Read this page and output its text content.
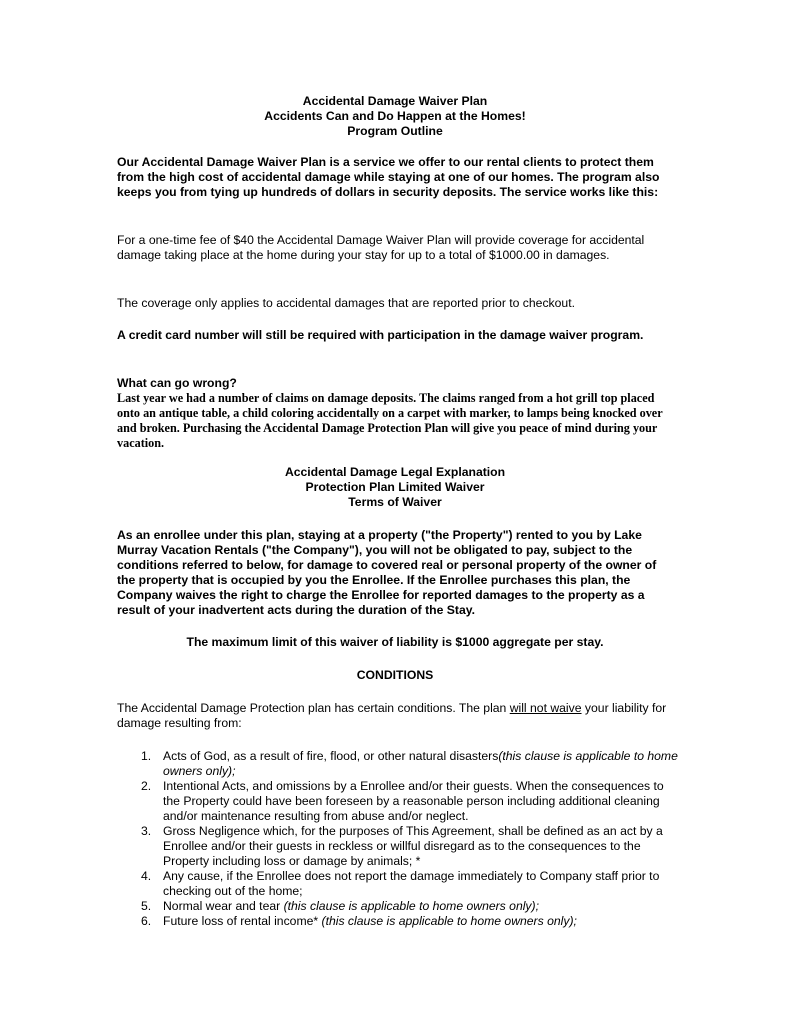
Accidental Damage Waiver Plan
Accidents Can and Do Happen at the Homes!
Program Outline

Our Accidental Damage Waiver Plan is a service we offer to our rental clients to protect them from the high cost of accidental damage while staying at one of our homes. The program also keeps you from tying up hundreds of dollars in security deposits. The service works like this:

For a one-time fee of $40 the Accidental Damage Waiver Plan will provide coverage for accidental damage taking place at the home during your stay for up to a total of $1000.00 in damages.

The coverage only applies to accidental damages that are reported prior to checkout.

A credit card number will still be required with participation in the damage waiver program.

What can go wrong?
Last year we had a number of claims on damage deposits. The claims ranged from a hot grill top placed onto an antique table, a child coloring accidentally on a carpet with marker, to lamps being knocked over and broken. Purchasing the Accidental Damage Protection Plan will give you peace of mind during your vacation.
Accidental Damage Legal Explanation
Protection Plan Limited Waiver
Terms of Waiver

As an enrollee under this plan, staying at a property ("the Property") rented to you by Lake Murray Vacation Rentals ("the Company"), you will not be obligated to pay, subject to the conditions referred to below, for damage to covered real or personal property of the owner of the property that is occupied by you the Enrollee. If the Enrollee purchases this plan, the Company waives the right to charge the Enrollee for reported damages to the property as a result of your inadvertent acts during the duration of the Stay.

The maximum limit of this waiver of liability is $1000 aggregate per stay.
CONDITIONS

The Accidental Damage Protection plan has certain conditions. The plan will not waive your liability for damage resulting from:

1. Acts of God, as a result of fire, flood, or other natural disasters(this clause is applicable to home owners only);
2. Intentional Acts, and omissions by a Enrollee and/or their guests. When the consequences to the Property could have been foreseen by a reasonable person including additional cleaning and/or maintenance resulting from abuse and/or neglect.
3. Gross Negligence which, for the purposes of This Agreement, shall be defined as an act by a Enrollee and/or their guests in reckless or willful disregard as to the consequences to the Property including loss or damage by animals; *
4. Any cause, if the Enrollee does not report the damage immediately to Company staff prior to checking out of the home;
5. Normal wear and tear (this clause is applicable to home owners only);
6. Future loss of rental income* (this clause is applicable to home owners only);
